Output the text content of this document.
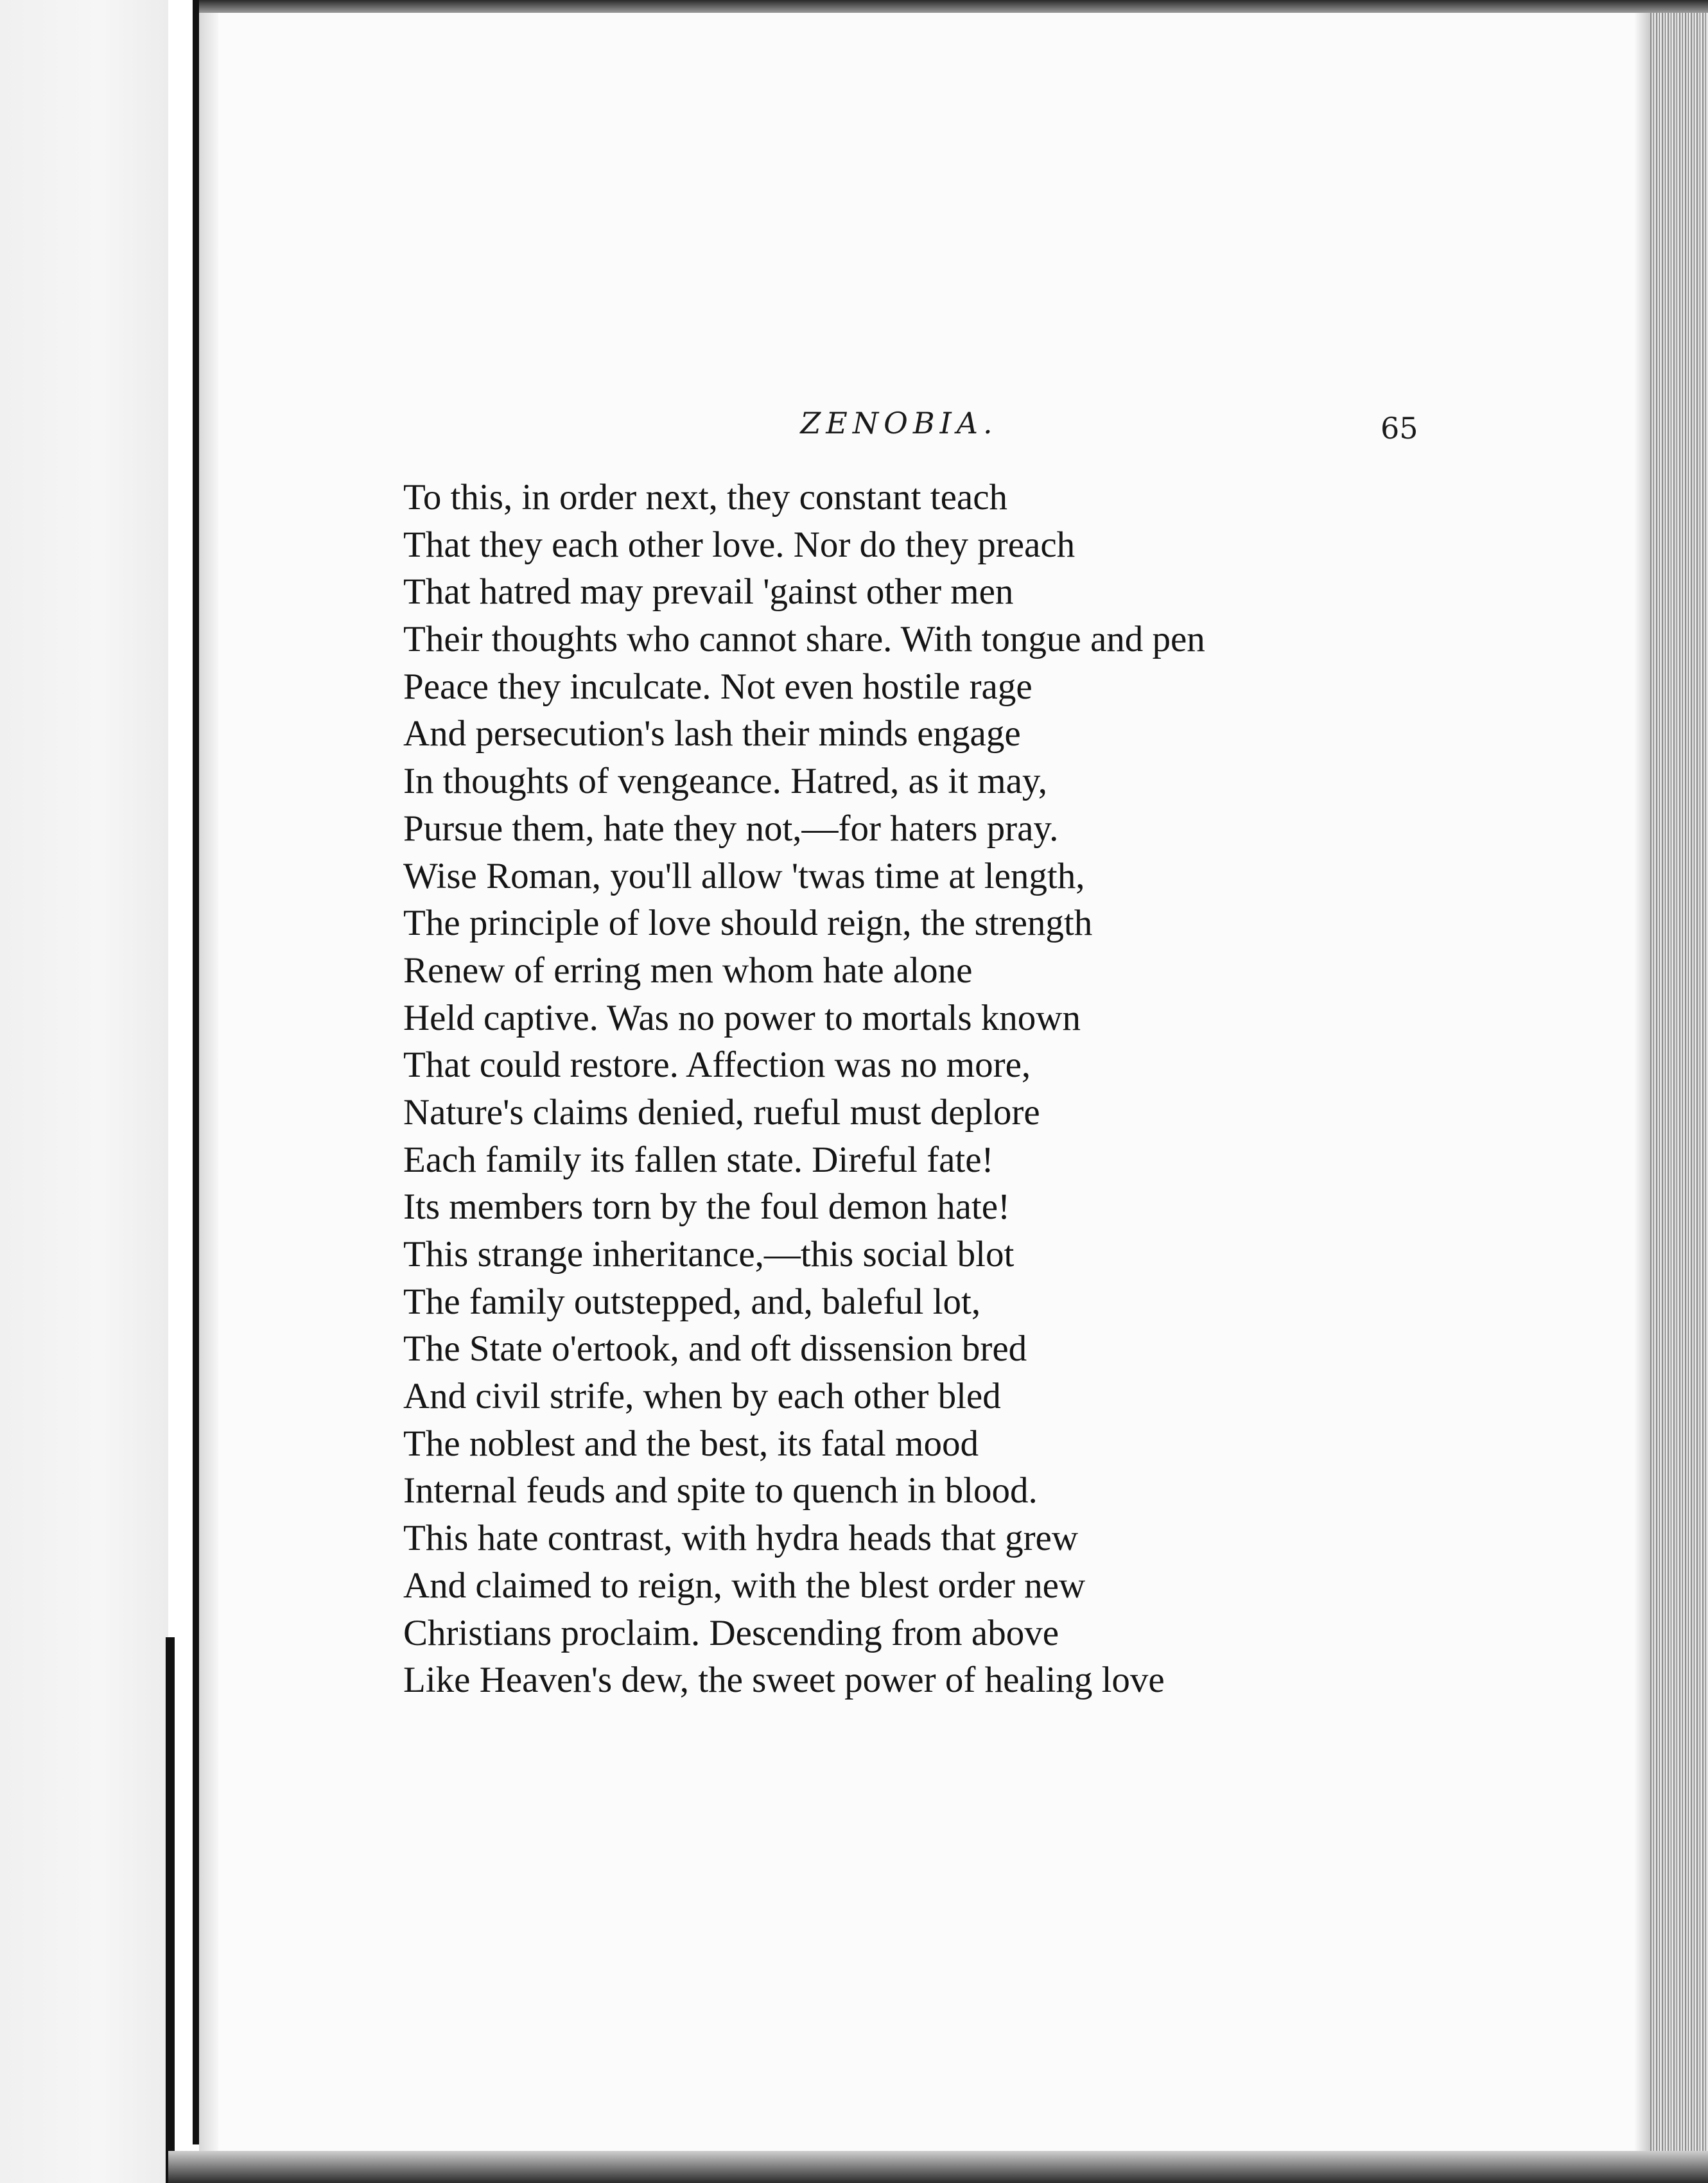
ZENOBIA.	65
To this, in order next, they constant teach
That they each other love. Nor do they preach
That hatred may prevail 'gainst other men
Their thoughts who cannot share. With tongue and pen
Peace they inculcate. Not even hostile rage
And persecution's lash their minds engage
In thoughts of vengeance. Hatred, as it may,
Pursue them, hate they not,—for haters pray.
Wise Roman, you'll allow 'twas time at length,
The principle of love should reign, the strength
Renew of erring men whom hate alone
Held captive. Was no power to mortals known
That could restore. Affection was no more,
Nature's claims denied, rueful must deplore
Each family its fallen state. Direful fate!
Its members torn by the foul demon hate!
This strange inheritance,—this social blot
The family outstepped, and, baleful lot,
The State o'ertook, and oft dissension bred
And civil strife, when by each other bled
The noblest and the best, its fatal mood
Internal feuds and spite to quench in blood.
This hate contrast, with hydra heads that grew
And claimed to reign, with the blest order new
Christians proclaim. Descending from above
Like Heaven's dew, the sweet power of healing love
